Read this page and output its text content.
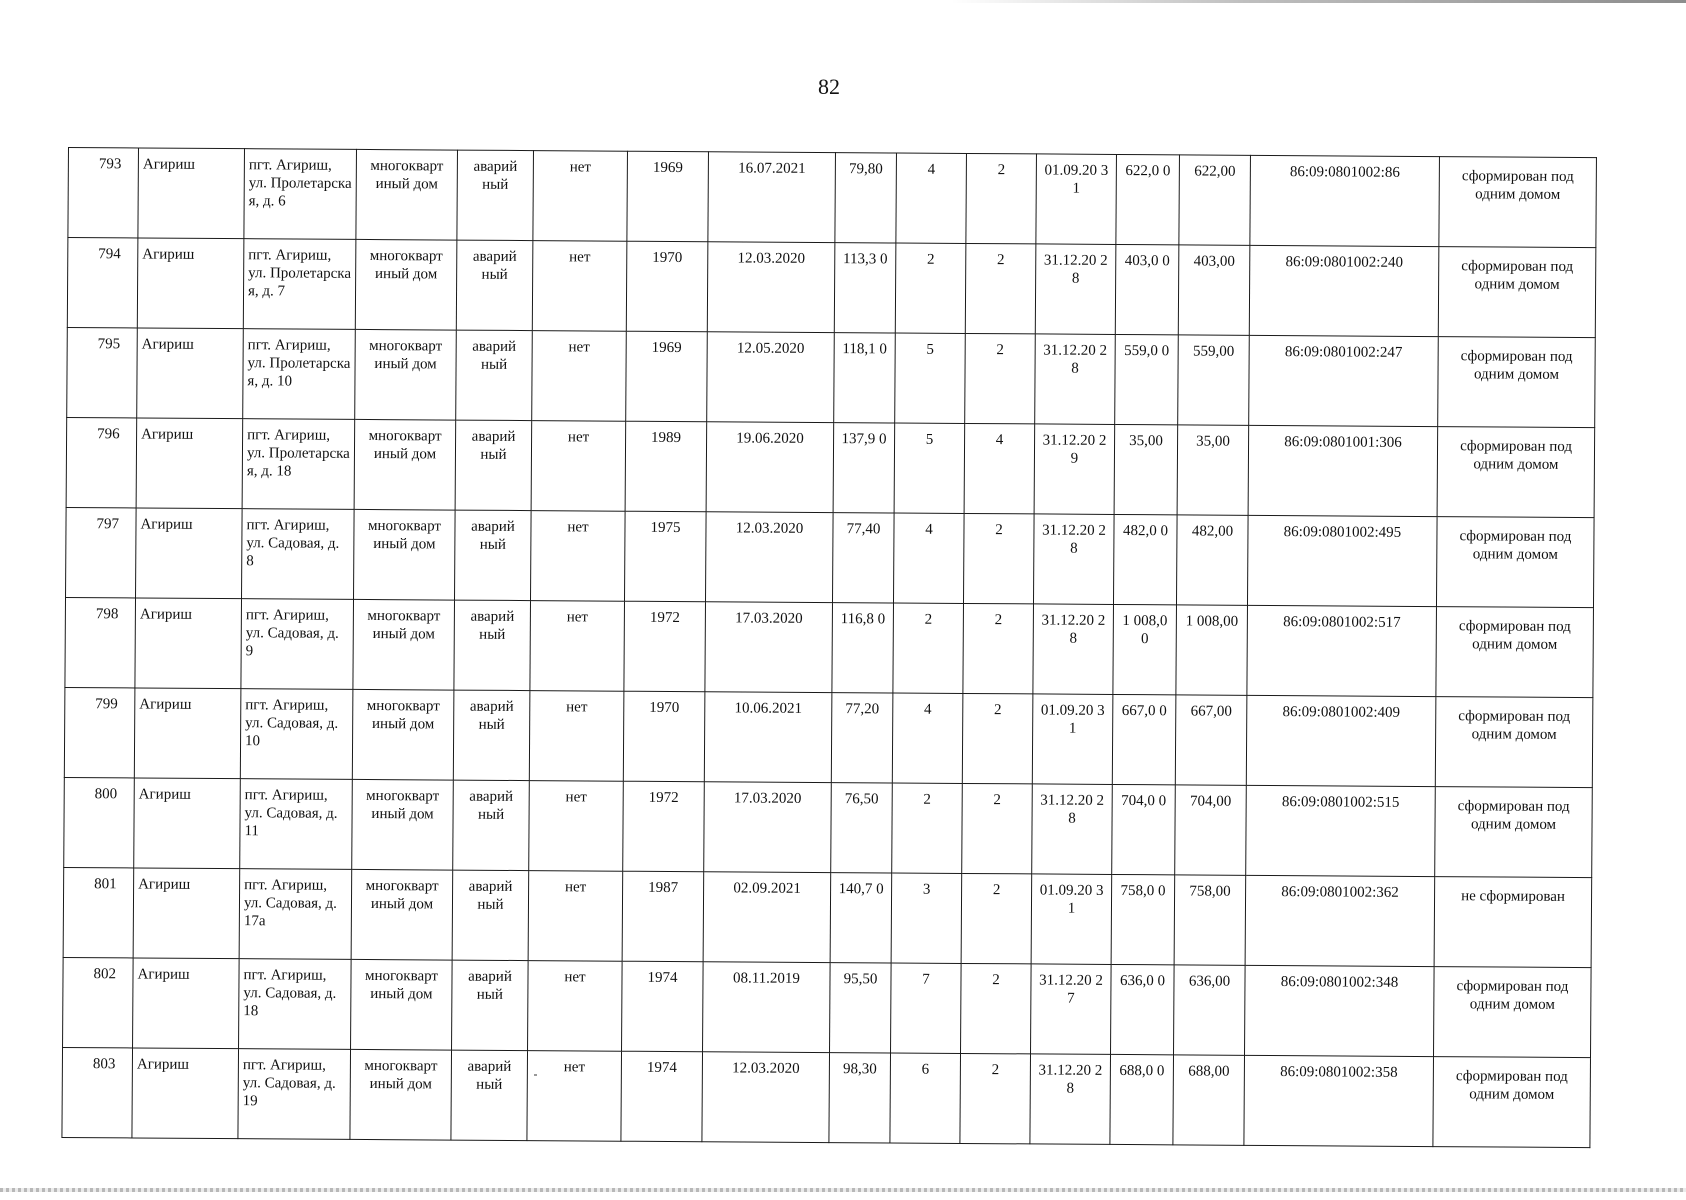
82
793	Агириш	пгт. Агириш, ул. Пролетарска я, д. 6	многокварт иный дом	аварий ный	нет	1969	16.07.2021	79,80	4	2	01.09.20 31	622,0 0	622,00	86:09:0801002:86	сформирован под одним домом
794	Агириш	пгт. Агириш, ул. Пролетарска я, д. 7	многокварт иный дом	аварий ный	нет	1970	12.03.2020	113,3 0	2	2	31.12.20 28	403,0 0	403,00	86:09:0801002:240	сформирован под одним домом
795	Агириш	пгт. Агириш, ул. Пролетарска я, д. 10	многокварт иный дом	аварий ный	нет	1969	12.05.2020	118,1 0	5	2	31.12.20 28	559,0 0	559,00	86:09:0801002:247	сформирован под одним домом
796	Агириш	пгт. Агириш, ул. Пролетарска я, д. 18	многокварт иный дом	аварий ный	нет	1989	19.06.2020	137,9 0	5	4	31.12.20 29	35,00	35,00	86:09:0801001:306	сформирован под одним домом
797	Агириш	пгт. Агириш, ул. Садовая, д. 8	многокварт иный дом	аварий ный	нет	1975	12.03.2020	77,40	4	2	31.12.20 28	482,0 0	482,00	86:09:0801002:495	сформирован под одним домом
798	Агириш	пгт. Агириш, ул. Садовая, д. 9	многокварт иный дом	аварий ный	нет	1972	17.03.2020	116,8 0	2	2	31.12.20 28	1 008,0 0	1 008,00	86:09:0801002:517	сформирован под одним домом
799	Агириш	пгт. Агириш, ул. Садовая, д. 10	многокварт иный дом	аварий ный	нет	1970	10.06.2021	77,20	4	2	01.09.20 31	667,0 0	667,00	86:09:0801002:409	сформирован под одним домом
800	Агириш	пгт. Агириш, ул. Садовая, д. 11	многокварт иный дом	аварий ный	нет	1972	17.03.2020	76,50	2	2	31.12.20 28	704,0 0	704,00	86:09:0801002:515	сформирован под одним домом
801	Агириш	пгт. Агириш, ул. Садовая, д. 17а	многокварт иный дом	аварий ный	нет	1987	02.09.2021	140,7 0	3	2	01.09.20 31	758,0 0	758,00	86:09:0801002:362	не сформирован
802	Агириш	пгт. Агириш, ул. Садовая, д. 18	многокварт иный дом	аварий ный	нет	1974	08.11.2019	95,50	7	2	31.12.20 27	636,0 0	636,00	86:09:0801002:348	сформирован под одним домом
803	Агириш	пгт. Агириш, ул. Садовая, д. 19	многокварт иный дом	аварий ный	нет	1974	12.03.2020	98,30	6	2	31.12.20 28	688,0 0	688,00	86:09:0801002:358	сформирован под одним домом
